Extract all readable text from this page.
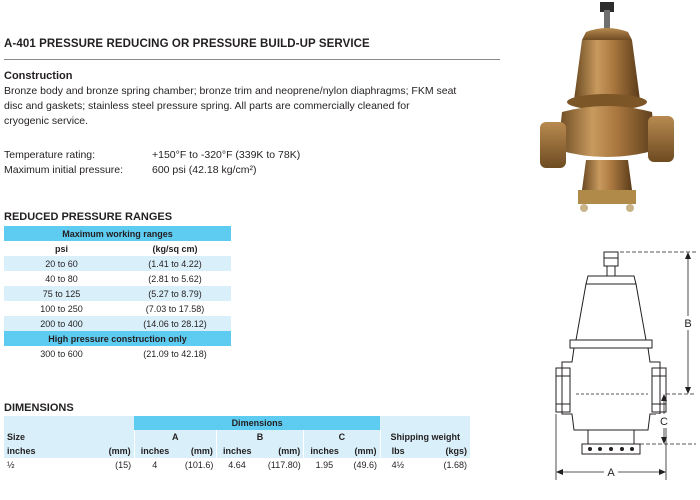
A-401 PRESSURE REDUCING OR PRESSURE BUILD-UP SERVICE
Construction
Bronze body and bronze spring chamber; bronze trim and neoprene/nylon diaphragms; FKM seat
disc and gaskets; stainless steel pressure spring. All parts are commercially cleaned for
cryogenic service.
Temperature rating:	+150°F to -320°F (339K to 78K)
Maximum initial pressure:	600 psi (42.18 kg/cm²)
REDUCED PRESSURE RANGES
Maximum working ranges	
psi	(kg/sq cm)
20 to 60	(1.41 to 4.22)
40 to 80	(2.81 to 5.62)
75 to 125	(5.27 to 8.79)
100 to 250	(7.03 to 17.58)
200 to 400	(14.06 to 28.12)
High pressure construction only	
300 to 600	(21.09 to 42.18)
DIMENSIONS
		Dimensions							
Size		A		B		C		Shipping weight	
inches	(mm)	inches	(mm)	inches	(mm)	inches	(mm)	lbs	(kgs)
½	(15)	4	(101.6)	4.64	(117.80)	1.95	(49.6)	4½	(1.68)
B
C
A
